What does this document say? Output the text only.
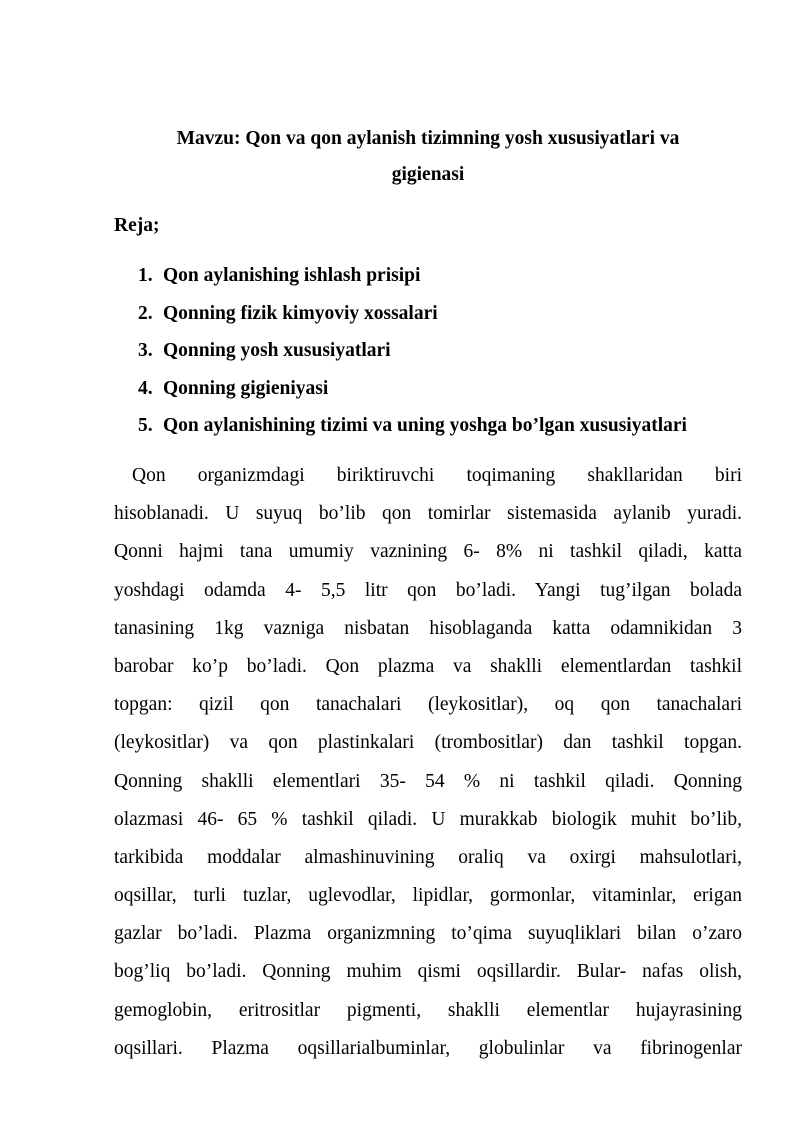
Mavzu: Qon va qon aylanish tizimning yosh xususiyatlari va
gigienasi
Reja;
1. Qon aylanishing ishlash prisipi
2. Qonning fizik kimyoviy xossalari
3. Qonning yosh xususiyatlari
4. Qonning gigieniyasi
5. Qon aylanishining tizimi va uning yoshga bo’lgan xususiyatlari
Qon organizmdagi biriktiruvchi toqimaning shakllaridan biri
hisoblanadi. U suyuq bo’lib qon tomirlar sistemasida aylanib yuradi.
Qonni hajmi tana umumiy vaznining 6- 8% ni tashkil qiladi, katta
yoshdagi odamda 4- 5,5 litr qon bo’ladi. Yangi tug’ilgan bolada
tanasining 1kg vazniga nisbatan hisoblaganda katta odamnikidan 3
barobar ko’p bo’ladi. Qon plazma va shaklli elementlardan tashkil
topgan: qizil qon tanachalari (leykositlar), oq qon tanachalari
(leykositlar) va qon plastinkalari (trombositlar) dan tashkil topgan.
Qonning shaklli elementlari 35- 54 % ni tashkil qiladi. Qonning
olazmasi 46- 65 % tashkil qiladi. U murakkab biologik muhit bo’lib,
tarkibida moddalar almashinuvining oraliq va oxirgi mahsulotlari,
oqsillar, turli tuzlar, uglevodlar, lipidlar, gormonlar, vitaminlar, erigan
gazlar bo’ladi. Plazma organizmning to’qima suyuqliklari bilan o’zaro
bog’liq bo’ladi. Qonning muhim qismi oqsillardir. Bular- nafas olish,
gemoglobin, eritrositlar pigmenti, shaklli elementlar hujayrasining
oqsillari. Plazma oqsillarialbuminlar, globulinlar va fibrinogenlar
